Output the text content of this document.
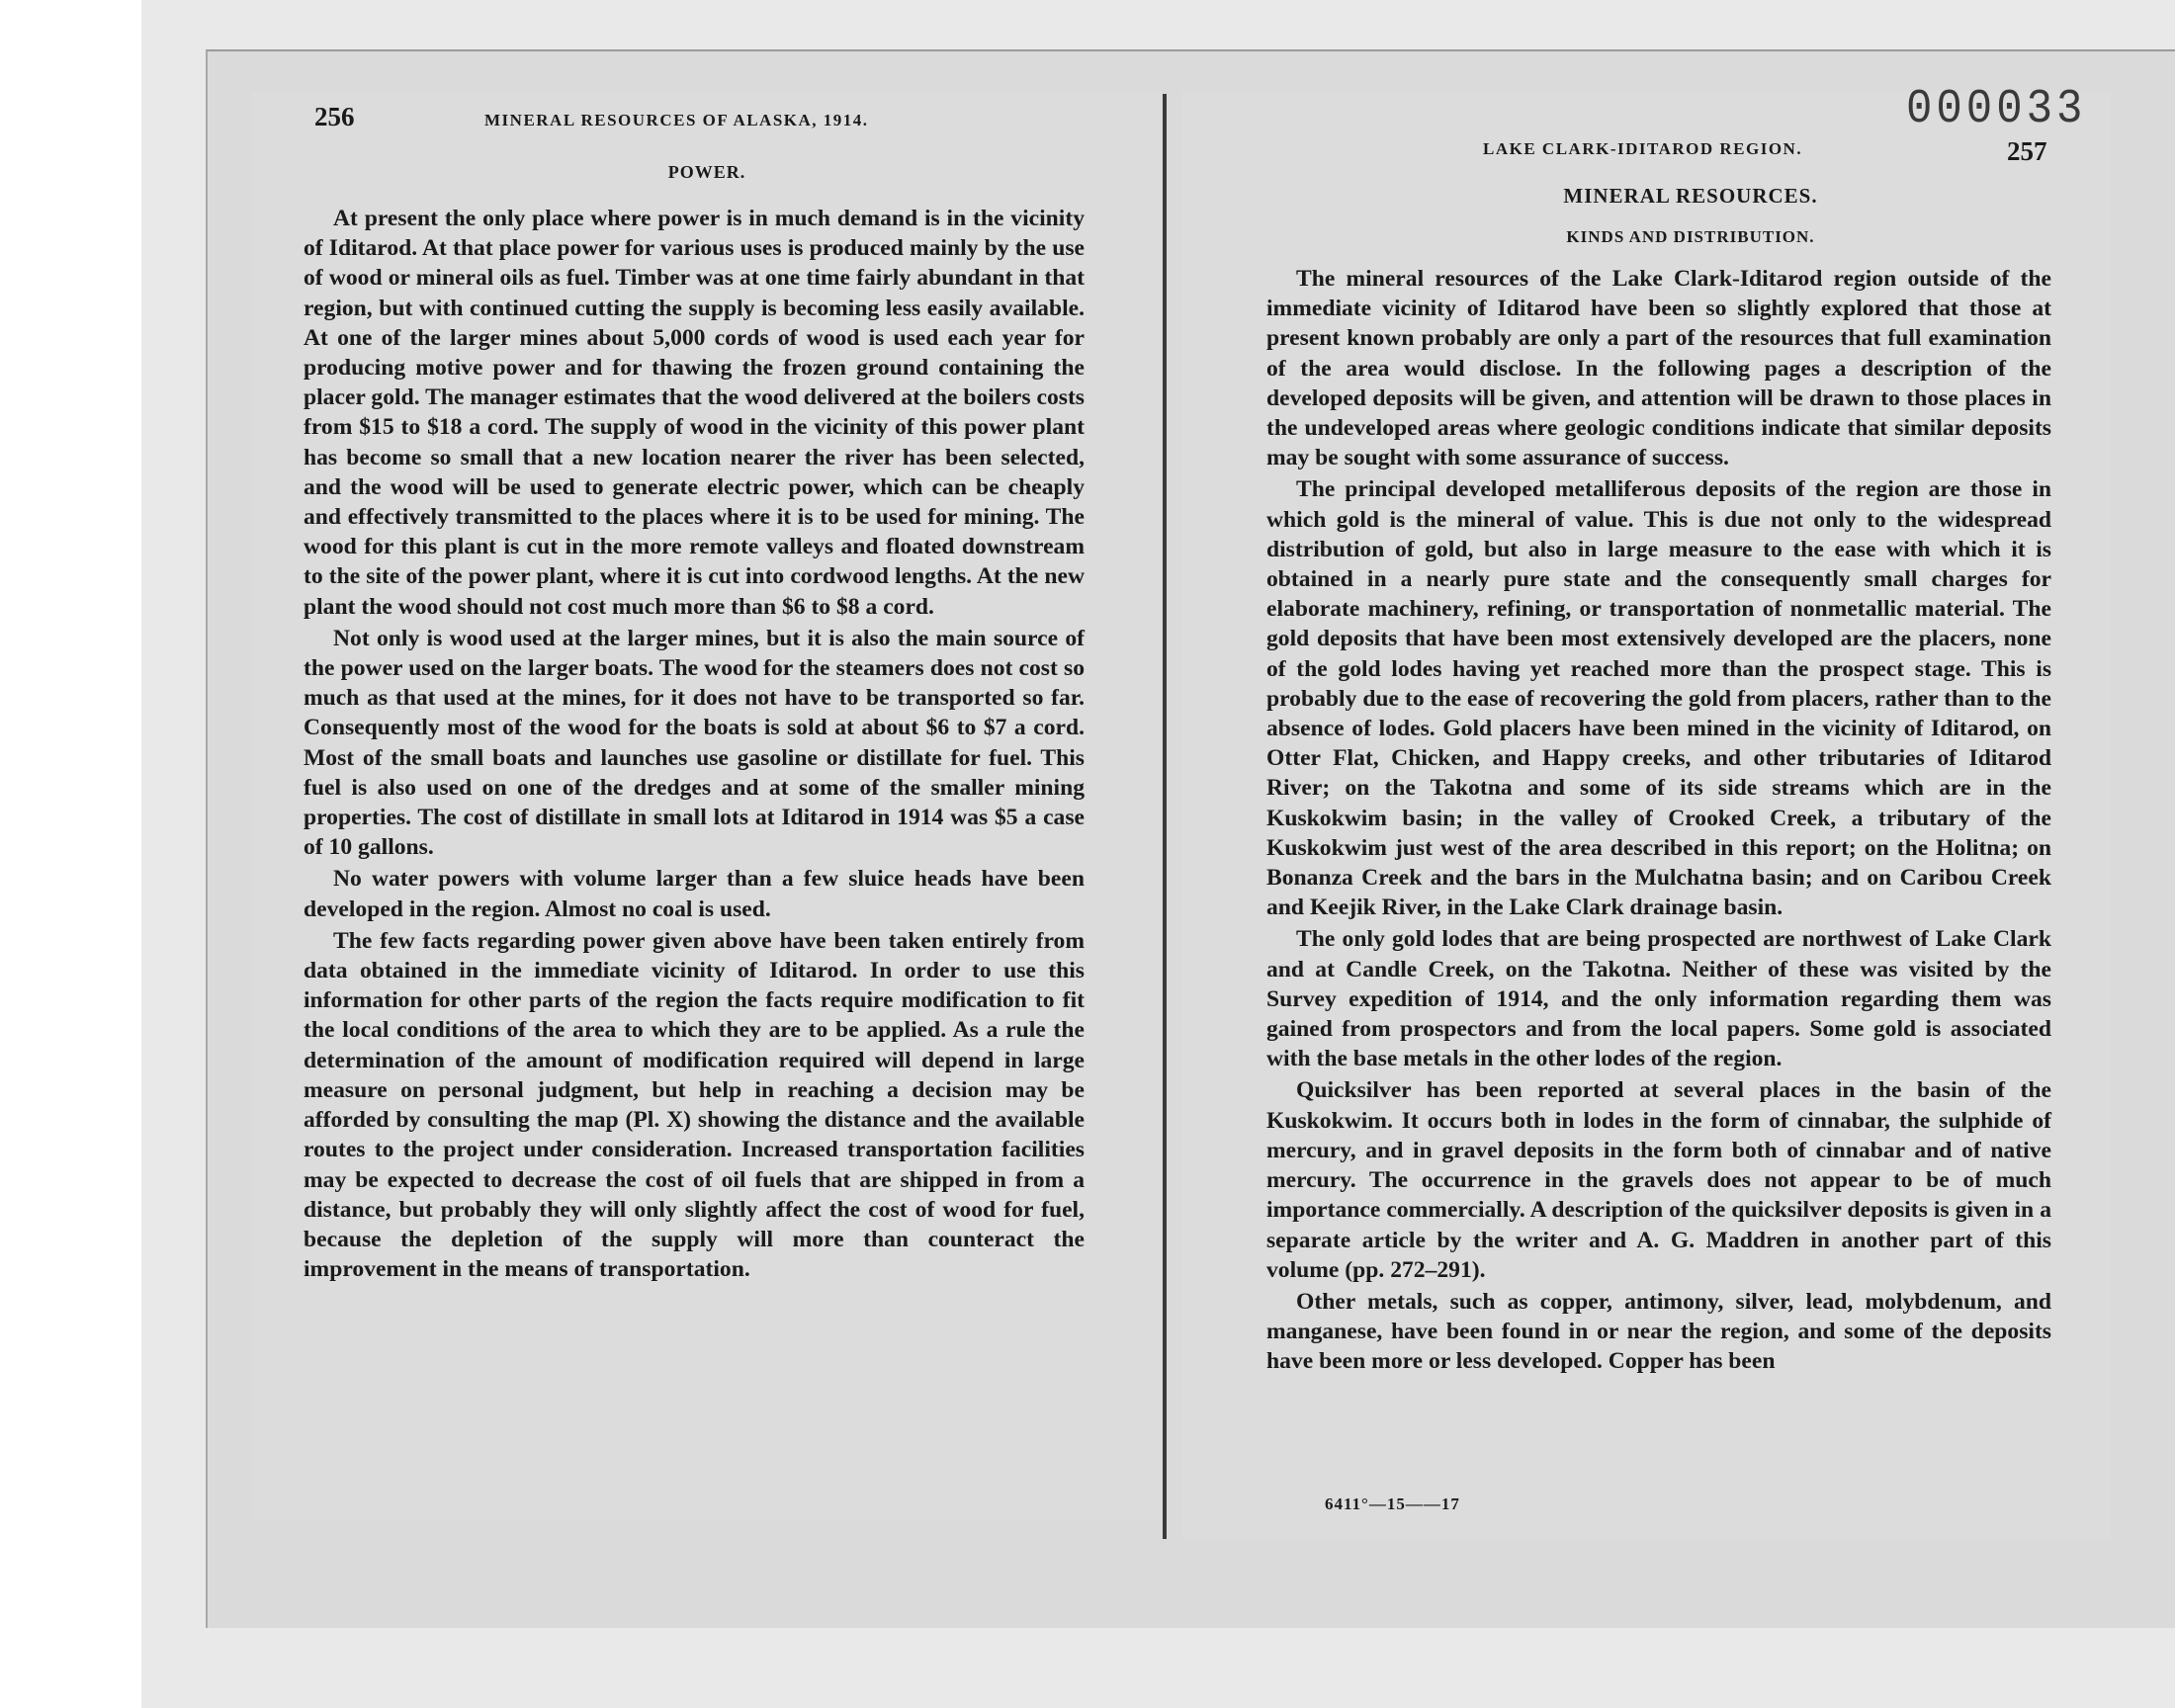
000033
256	MINERAL RESOURCES OF ALASKA, 1914.
POWER.

At present the only place where power is in much demand is in the vicinity of Iditarod. At that place power for various uses is produced mainly by the use of wood or mineral oils as fuel. Timber was at one time fairly abundant in that region, but with continued cutting the supply is becoming less easily available. At one of the larger mines about 5,000 cords of wood is used each year for producing motive power and for thawing the frozen ground containing the placer gold. The manager estimates that the wood delivered at the boilers costs from $15 to $18 a cord. The supply of wood in the vicinity of this power plant has become so small that a new location nearer the river has been selected, and the wood will be used to generate electric power, which can be cheaply and effectively transmitted to the places where it is to be used for mining. The wood for this plant is cut in the more remote valleys and floated downstream to the site of the power plant, where it is cut into cordwood lengths. At the new plant the wood should not cost much more than $6 to $8 a cord.

Not only is wood used at the larger mines, but it is also the main source of the power used on the larger boats. The wood for the steamers does not cost so much as that used at the mines, for it does not have to be transported so far. Consequently most of the wood for the boats is sold at about $6 to $7 a cord. Most of the small boats and launches use gasoline or distillate for fuel. This fuel is also used on one of the dredges and at some of the smaller mining properties. The cost of distillate in small lots at Iditarod in 1914 was $5 a case of 10 gallons.

No water powers with volume larger than a few sluice heads have been developed in the region. Almost no coal is used.

The few facts regarding power given above have been taken entirely from data obtained in the immediate vicinity of Iditarod. In order to use this information for other parts of the region the facts require modification to fit the local conditions of the area to which they are to be applied. As a rule the determination of the amount of modification required will depend in large measure on personal judgment, but help in reaching a decision may be afforded by consulting the map (Pl. X) showing the distance and the available routes to the project under consideration. Increased transportation facilities may be expected to decrease the cost of oil fuels that are shipped in from a distance, but probably they will only slightly affect the cost of wood for fuel, because the depletion of the supply will more than counteract the improvement in the means of transportation.

LAKE CLARK-IDITAROD REGION.	257
MINERAL RESOURCES.
KINDS AND DISTRIBUTION.

The mineral resources of the Lake Clark-Iditarod region outside of the immediate vicinity of Iditarod have been so slightly explored that those at present known probably are only a part of the resources that full examination of the area would disclose. In the following pages a description of the developed deposits will be given, and attention will be drawn to those places in the undeveloped areas where geologic conditions indicate that similar deposits may be sought with some assurance of success.

The principal developed metalliferous deposits of the region are those in which gold is the mineral of value. This is due not only to the widespread distribution of gold, but also in large measure to the ease with which it is obtained in a nearly pure state and the consequently small charges for elaborate machinery, refining, or transportation of nonmetallic material. The gold deposits that have been most extensively developed are the placers, none of the gold lodes having yet reached more than the prospect stage. This is probably due to the ease of recovering the gold from placers, rather than to the absence of lodes. Gold placers have been mined in the vicinity of Iditarod, on Otter Flat, Chicken, and Happy creeks, and other tributaries of Iditarod River; on the Takotna and some of its side streams which are in the Kuskokwim basin; in the valley of Crooked Creek, a tributary of the Kuskokwim just west of the area described in this report; on the Holitna; on Bonanza Creek and the bars in the Mulchatna basin; and on Caribou Creek and Keejik River, in the Lake Clark drainage basin.

The only gold lodes that are being prospected are northwest of Lake Clark and at Candle Creek, on the Takotna. Neither of these was visited by the Survey expedition of 1914, and the only information regarding them was gained from prospectors and from the local papers. Some gold is associated with the base metals in the other lodes of the region.

Quicksilver has been reported at several places in the basin of the Kuskokwim. It occurs both in lodes in the form of cinnabar, the sulphide of mercury, and in gravel deposits in the form both of cinnabar and of native mercury. The occurrence in the gravels does not appear to be of much importance commercially. A description of the quicksilver deposits is given in a separate article by the writer and A. G. Maddren in another part of this volume (pp. 272–291).

Other metals, such as copper, antimony, silver, lead, molybdenum, and manganese, have been found in or near the region, and some of the deposits have been more or less developed. Copper has been

6411°—15——17
